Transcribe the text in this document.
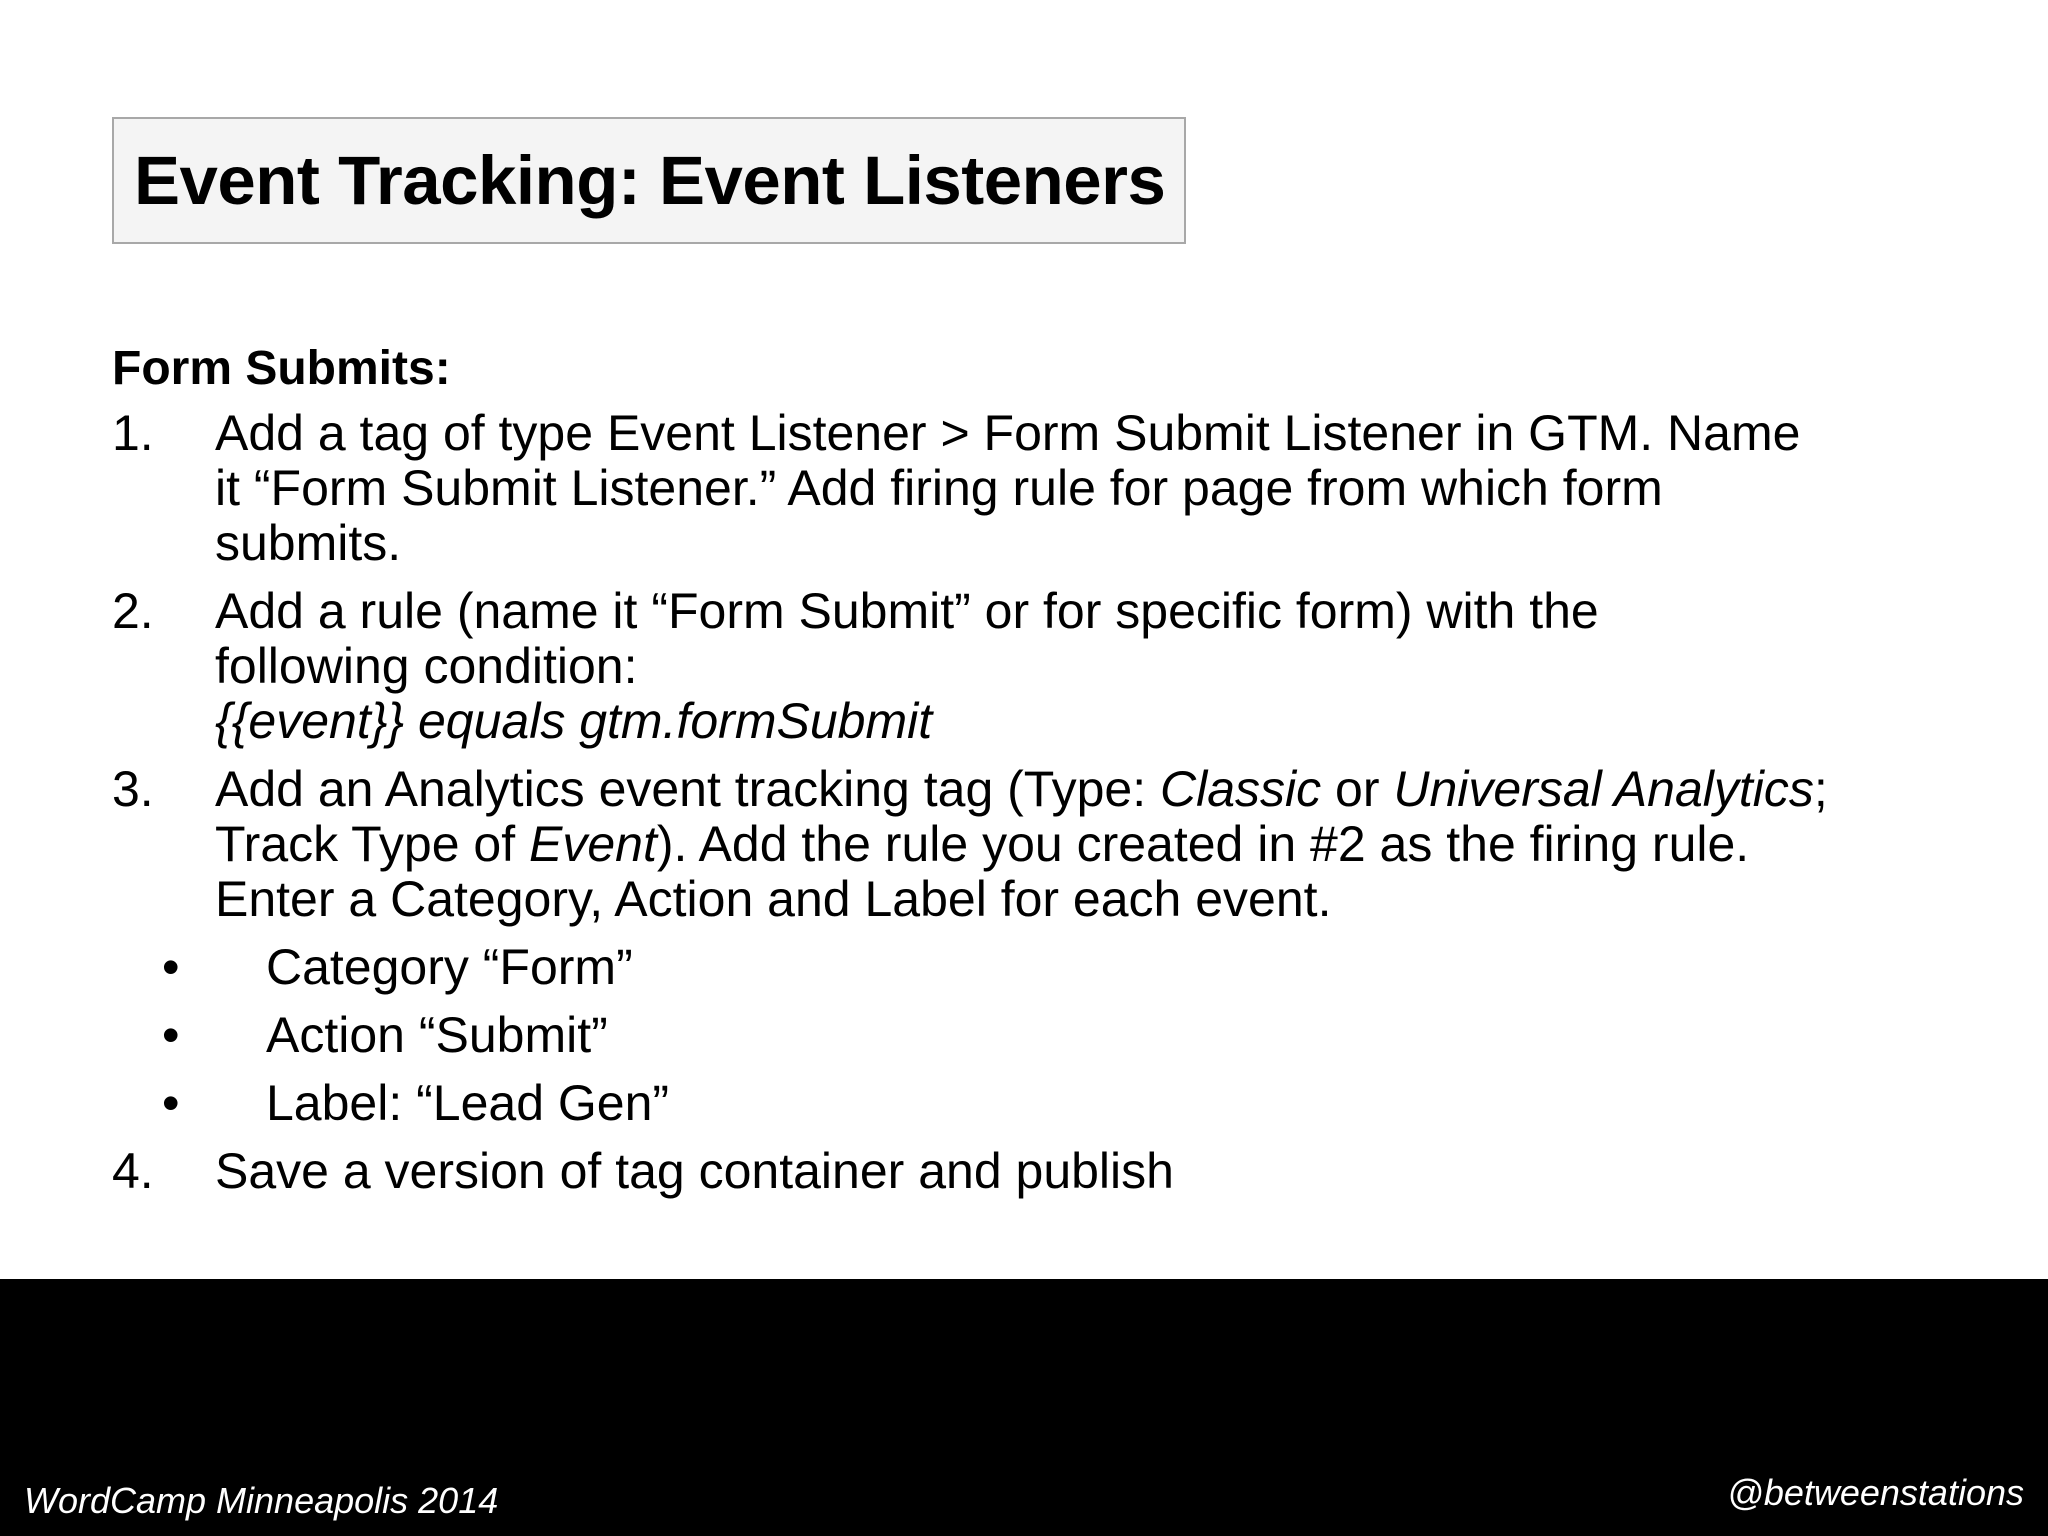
Event Tracking: Event Listeners
Form Submits:
1. Add a tag of type Event Listener > Form Submit Listener in GTM. Name
it “Form Submit Listener.” Add firing rule for page from which form
submits.
2. Add a rule (name it “Form Submit” or for specific form) with the
following condition:
{{event}} equals gtm.formSubmit
3. Add an Analytics event tracking tag (Type: Classic or Universal Analytics;
Track Type of Event). Add the rule you created in #2 as the firing rule.
Enter a Category, Action and Label for each event.
• Category “Form”
• Action “Submit”
• Label: “Lead Gen”
4. Save a version of tag container and publish
WordCamp Minneapolis 2014	@betweenstations
